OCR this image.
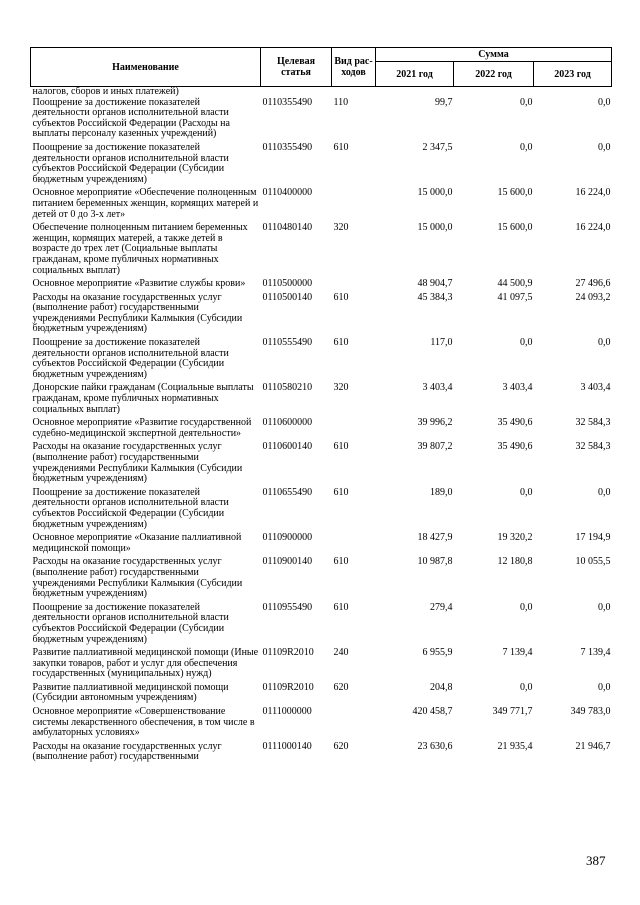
Наименование	Целевая статья	Вид рас-ходов	Сумма		
			2021 год	2022 год	2023 год
налогов, сборов и иных платежей)					
Поощрение за достижение показателей деятельности органов исполнительной власти субъектов Российской Федерации (Расходы на выплаты персоналу казенных учреждений)	0110355490	110	99,7	0,0	0,0
Поощрение за достижение показателей деятельности органов исполнительной власти субъектов Российской Федерации (Субсидии бюджетным учреждениям)	0110355490	610	2 347,5	0,0	0,0
Основное мероприятие «Обеспечение полноценным питанием беременных женщин, кормящих матерей и детей от 0 до 3-х лет»	0110400000		15 000,0	15 600,0	16 224,0
Обеспечение полноценным питанием беременных женщин, кормящих матерей, а также детей в возрасте до трех лет (Социальные выплаты гражданам, кроме публичных нормативных социальных выплат)	0110480140	320	15 000,0	15 600,0	16 224,0
Основное мероприятие «Развитие службы крови»	0110500000		48 904,7	44 500,9	27 496,6
Расходы на оказание государственных услуг (выполнение работ) государственными учреждениями Республики Калмыкия (Субсидии бюджетным учреждениям)	0110500140	610	45 384,3	41 097,5	24 093,2
Поощрение за достижение показателей деятельности органов исполнительной власти субъектов Российской Федерации (Субсидии бюджетным учреждениям)	0110555490	610	117,0	0,0	0,0
Донорские пайки гражданам (Социальные выплаты гражданам, кроме публичных нормативных социальных выплат)	0110580210	320	3 403,4	3 403,4	3 403,4
Основное мероприятие «Развитие государственной судебно-медицинской экспертной деятельности»	0110600000		39 996,2	35 490,6	32 584,3
Расходы на оказание государственных услуг (выполнение работ) государственными учреждениями Республики Калмыкия (Субсидии бюджетным учреждениям)	0110600140	610	39 807,2	35 490,6	32 584,3
Поощрение за достижение показателей деятельности органов исполнительной власти субъектов Российской Федерации (Субсидии бюджетным учреждениям)	0110655490	610	189,0	0,0	0,0
Основное мероприятие «Оказание паллиативной медицинской помощи»	0110900000		18 427,9	19 320,2	17 194,9
Расходы на оказание государственных услуг (выполнение работ) государственными учреждениями Республики Калмыкия (Субсидии бюджетным учреждениям)	0110900140	610	10 987,8	12 180,8	10 055,5
Поощрение за достижение показателей деятельности органов исполнительной власти субъектов Российской Федерации (Субсидии бюджетным учреждениям)	0110955490	610	279,4	0,0	0,0
Развитие паллиативной медицинской помощи (Иные закупки товаров, работ и услуг для обеспечения государственных (муниципальных) нужд)	01109R2010	240	6 955,9	7 139,4	7 139,4
Развитие паллиативной медицинской помощи (Субсидии автономным учреждениям)	01109R2010	620	204,8	0,0	0,0
Основное мероприятие «Совершенствование системы лекарственного обеспечения, в том числе в амбулаторных условиях»	0111000000		420 458,7	349 771,7	349 783,0
Расходы на оказание государственных услуг (выполнение работ) государственными	0111000140	620	23 630,6	21 935,4	21 946,7
387
